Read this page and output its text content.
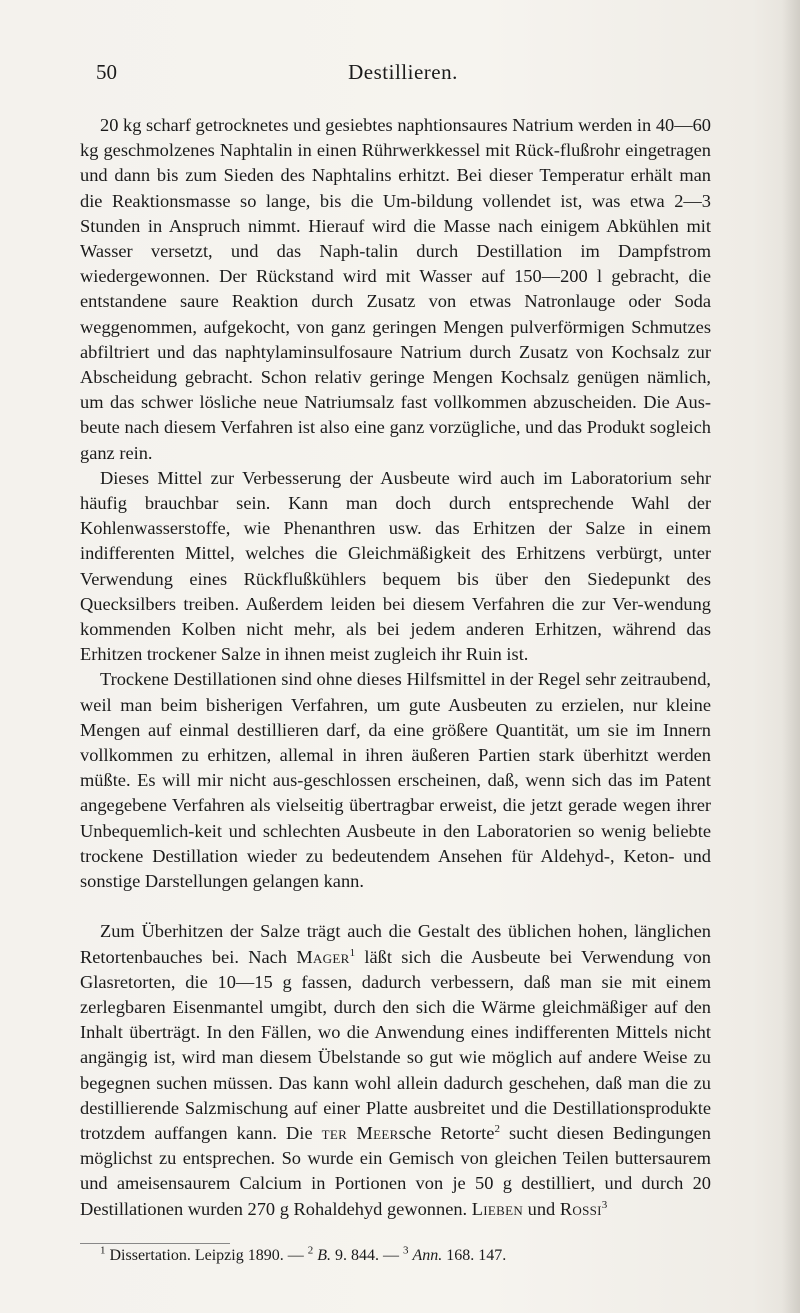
50	Destillieren.

20 kg scharf getrocknetes und gesiebtes naphtionsaures Natrium werden in 40—60 kg geschmolzenes Naphtalin in einen Rührwerkkessel mit Rück-flußrohr eingetragen und dann bis zum Sieden des Naphtalins erhitzt. Bei dieser Temperatur erhält man die Reaktionsmasse so lange, bis die Um-bildung vollendet ist, was etwa 2—3 Stunden in Anspruch nimmt. Hierauf wird die Masse nach einigem Abkühlen mit Wasser versetzt, und das Naph-talin durch Destillation im Dampfstrom wiedergewonnen. Der Rückstand wird mit Wasser auf 150—200 l gebracht, die entstandene saure Reaktion durch Zusatz von etwas Natronlauge oder Soda weggenommen, aufgekocht, von ganz geringen Mengen pulverförmigen Schmutzes abfiltriert und das naphtylaminsulfosaure Natrium durch Zusatz von Kochsalz zur Abscheidung gebracht. Schon relativ geringe Mengen Kochsalz genügen nämlich, um das schwer lösliche neue Natriumsalz fast vollkommen abzuscheiden. Die Aus-beute nach diesem Verfahren ist also eine ganz vorzügliche, und das Produkt sogleich ganz rein.

Dieses Mittel zur Verbesserung der Ausbeute wird auch im Laboratorium sehr häufig brauchbar sein. Kann man doch durch entsprechende Wahl der Kohlenwasserstoffe, wie Phenanthren usw. das Erhitzen der Salze in einem indifferenten Mittel, welches die Gleichmäßigkeit des Erhitzens verbürgt, unter Verwendung eines Rückflußkühlers bequem bis über den Siedepunkt des Quecksilbers treiben. Außerdem leiden bei diesem Verfahren die zur Ver-wendung kommenden Kolben nicht mehr, als bei jedem anderen Erhitzen, während das Erhitzen trockener Salze in ihnen meist zugleich ihr Ruin ist.

Trockene Destillationen sind ohne dieses Hilfsmittel in der Regel sehr zeitraubend, weil man beim bisherigen Verfahren, um gute Ausbeuten zu erzielen, nur kleine Mengen auf einmal destillieren darf, da eine größere Quantität, um sie im Innern vollkommen zu erhitzen, allemal in ihren äußeren Partien stark überhitzt werden müßte. Es will mir nicht aus-geschlossen erscheinen, daß, wenn sich das im Patent angegebene Verfahren als vielseitig übertragbar erweist, die jetzt gerade wegen ihrer Unbequemlich-keit und schlechten Ausbeute in den Laboratorien so wenig beliebte trockene Destillation wieder zu bedeutendem Ansehen für Aldehyd-, Keton- und sonstige Darstellungen gelangen kann.

Zum Überhitzen der Salze trägt auch die Gestalt des üblichen hohen, länglichen Retortenbauches bei. Nach Mager$^1$ läßt sich die Ausbeute bei Verwendung von Glasretorten, die 10—15 g fassen, dadurch verbessern, daß man sie mit einem zerlegbaren Eisenmantel umgibt, durch den sich die Wärme gleichmäßiger auf den Inhalt überträgt. In den Fällen, wo die Anwendung eines indifferenten Mittels nicht angängig ist, wird man diesem Übelstande so gut wie möglich auf andere Weise zu begegnen suchen müssen. Das kann wohl allein dadurch geschehen, daß man die zu destillierende Salzmischung auf einer Platte ausbreitet und die Destillationsprodukte trotzdem auffangen kann. Die ter Meersche Retorte$^2$ sucht diesen Bedingungen möglichst zu entsprechen. So wurde ein Gemisch von gleichen Teilen buttersaurem und ameisensaurem Calcium in Portionen von je 50 g destilliert, und durch 20 Destillationen wurden 270 g Rohaldehyd gewonnen. Lieben und Rossi$^3$

$^1$ Dissertation. Leipzig 1890. — $^2$ B. 9. 844. — $^3$ Ann. 168. 147.
